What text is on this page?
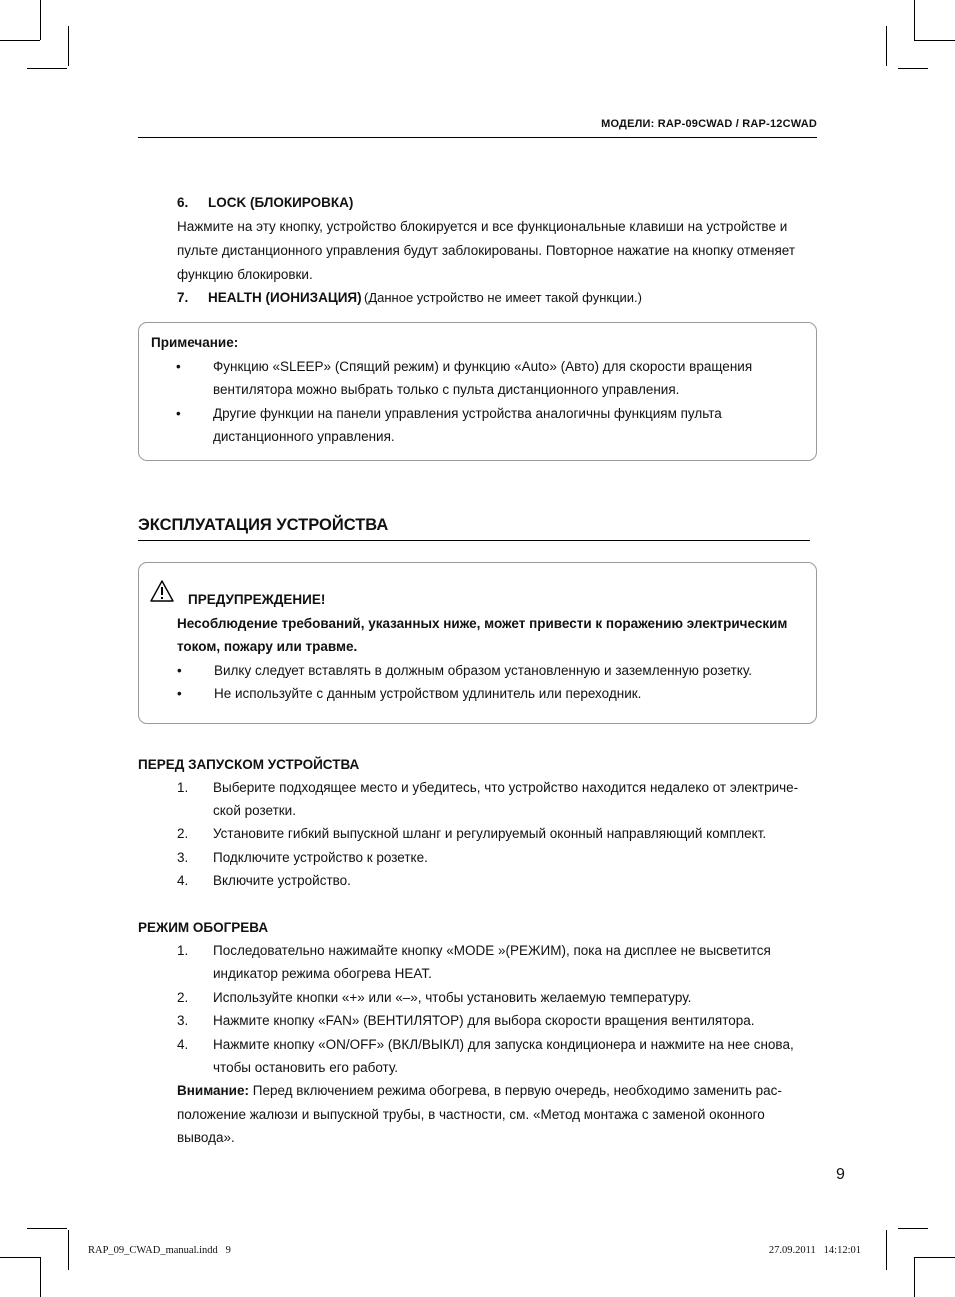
МОДЕЛИ: RAP-09CWAD / RAP-12CWAD
6. LOCK (БЛОКИРОВКА)
Нажмите на эту кнопку, устройство блокируется и все функциональные клавиши на устройстве и
пульте дистанционного управления будут заблокированы. Повторное нажатие на кнопку отменяет
функцию блокировки.
7. HEALTH (ИОНИЗАЦИЯ) (Данное устройство не имеет такой функции.)
Примечание:
• Функцию «SLEEP» (Спящий режим) и функцию «Auto» (Авто) для скорости вращения
вентилятора можно выбрать только с пульта дистанционного управления.
• Другие функции на панели управления устройства аналогичны функциям пульта
дистанционного управления.
ЭКСПЛУАТАЦИЯ УСТРОЙСТВА
ПРЕДУПРЕЖДЕНИЕ!
Несоблюдение требований, указанных ниже, может привести к поражению электрическим
током, пожару или травме.
• Вилку следует вставлять в должным образом установленную и заземленную розетку.
• Не используйте с данным устройством удлинитель или переходник.
ПЕРЕД ЗАПУСКОМ УСТРОЙСТВА
1. Выберите подходящее место и убедитесь, что устройство находится недалеко от электриче-
ской розетки.
2. Установите гибкий выпускной шланг и регулируемый оконный направляющий комплект.
3. Подключите устройство к розетке.
4. Включите устройство.
РЕЖИМ ОБОГРЕВА
1. Последовательно нажимайте кнопку «MODE »(РЕЖИМ), пока на дисплее не высветится
индикатор режима обогрева HEAT.
2. Используйте кнопки «+» или «–», чтобы установить желаемую температуру.
3. Нажмите кнопку «FAN» (ВЕНТИЛЯТОР) для выбора скорости вращения вентилятора.
4. Нажмите кнопку «ON/OFF» (ВКЛ/ВЫКЛ) для запуска кондиционера и нажмите на нее снова,
чтобы остановить его работу.
Внимание: Перед включением режима обогрева, в первую очередь, необходимо заменить рас-
положение жалюзи и выпускной трубы, в частности, см. «Метод монтажа с заменой оконного
вывода».
9
RAP_09_CWAD_manual.indd   9	27.09.2011   14:12:01
